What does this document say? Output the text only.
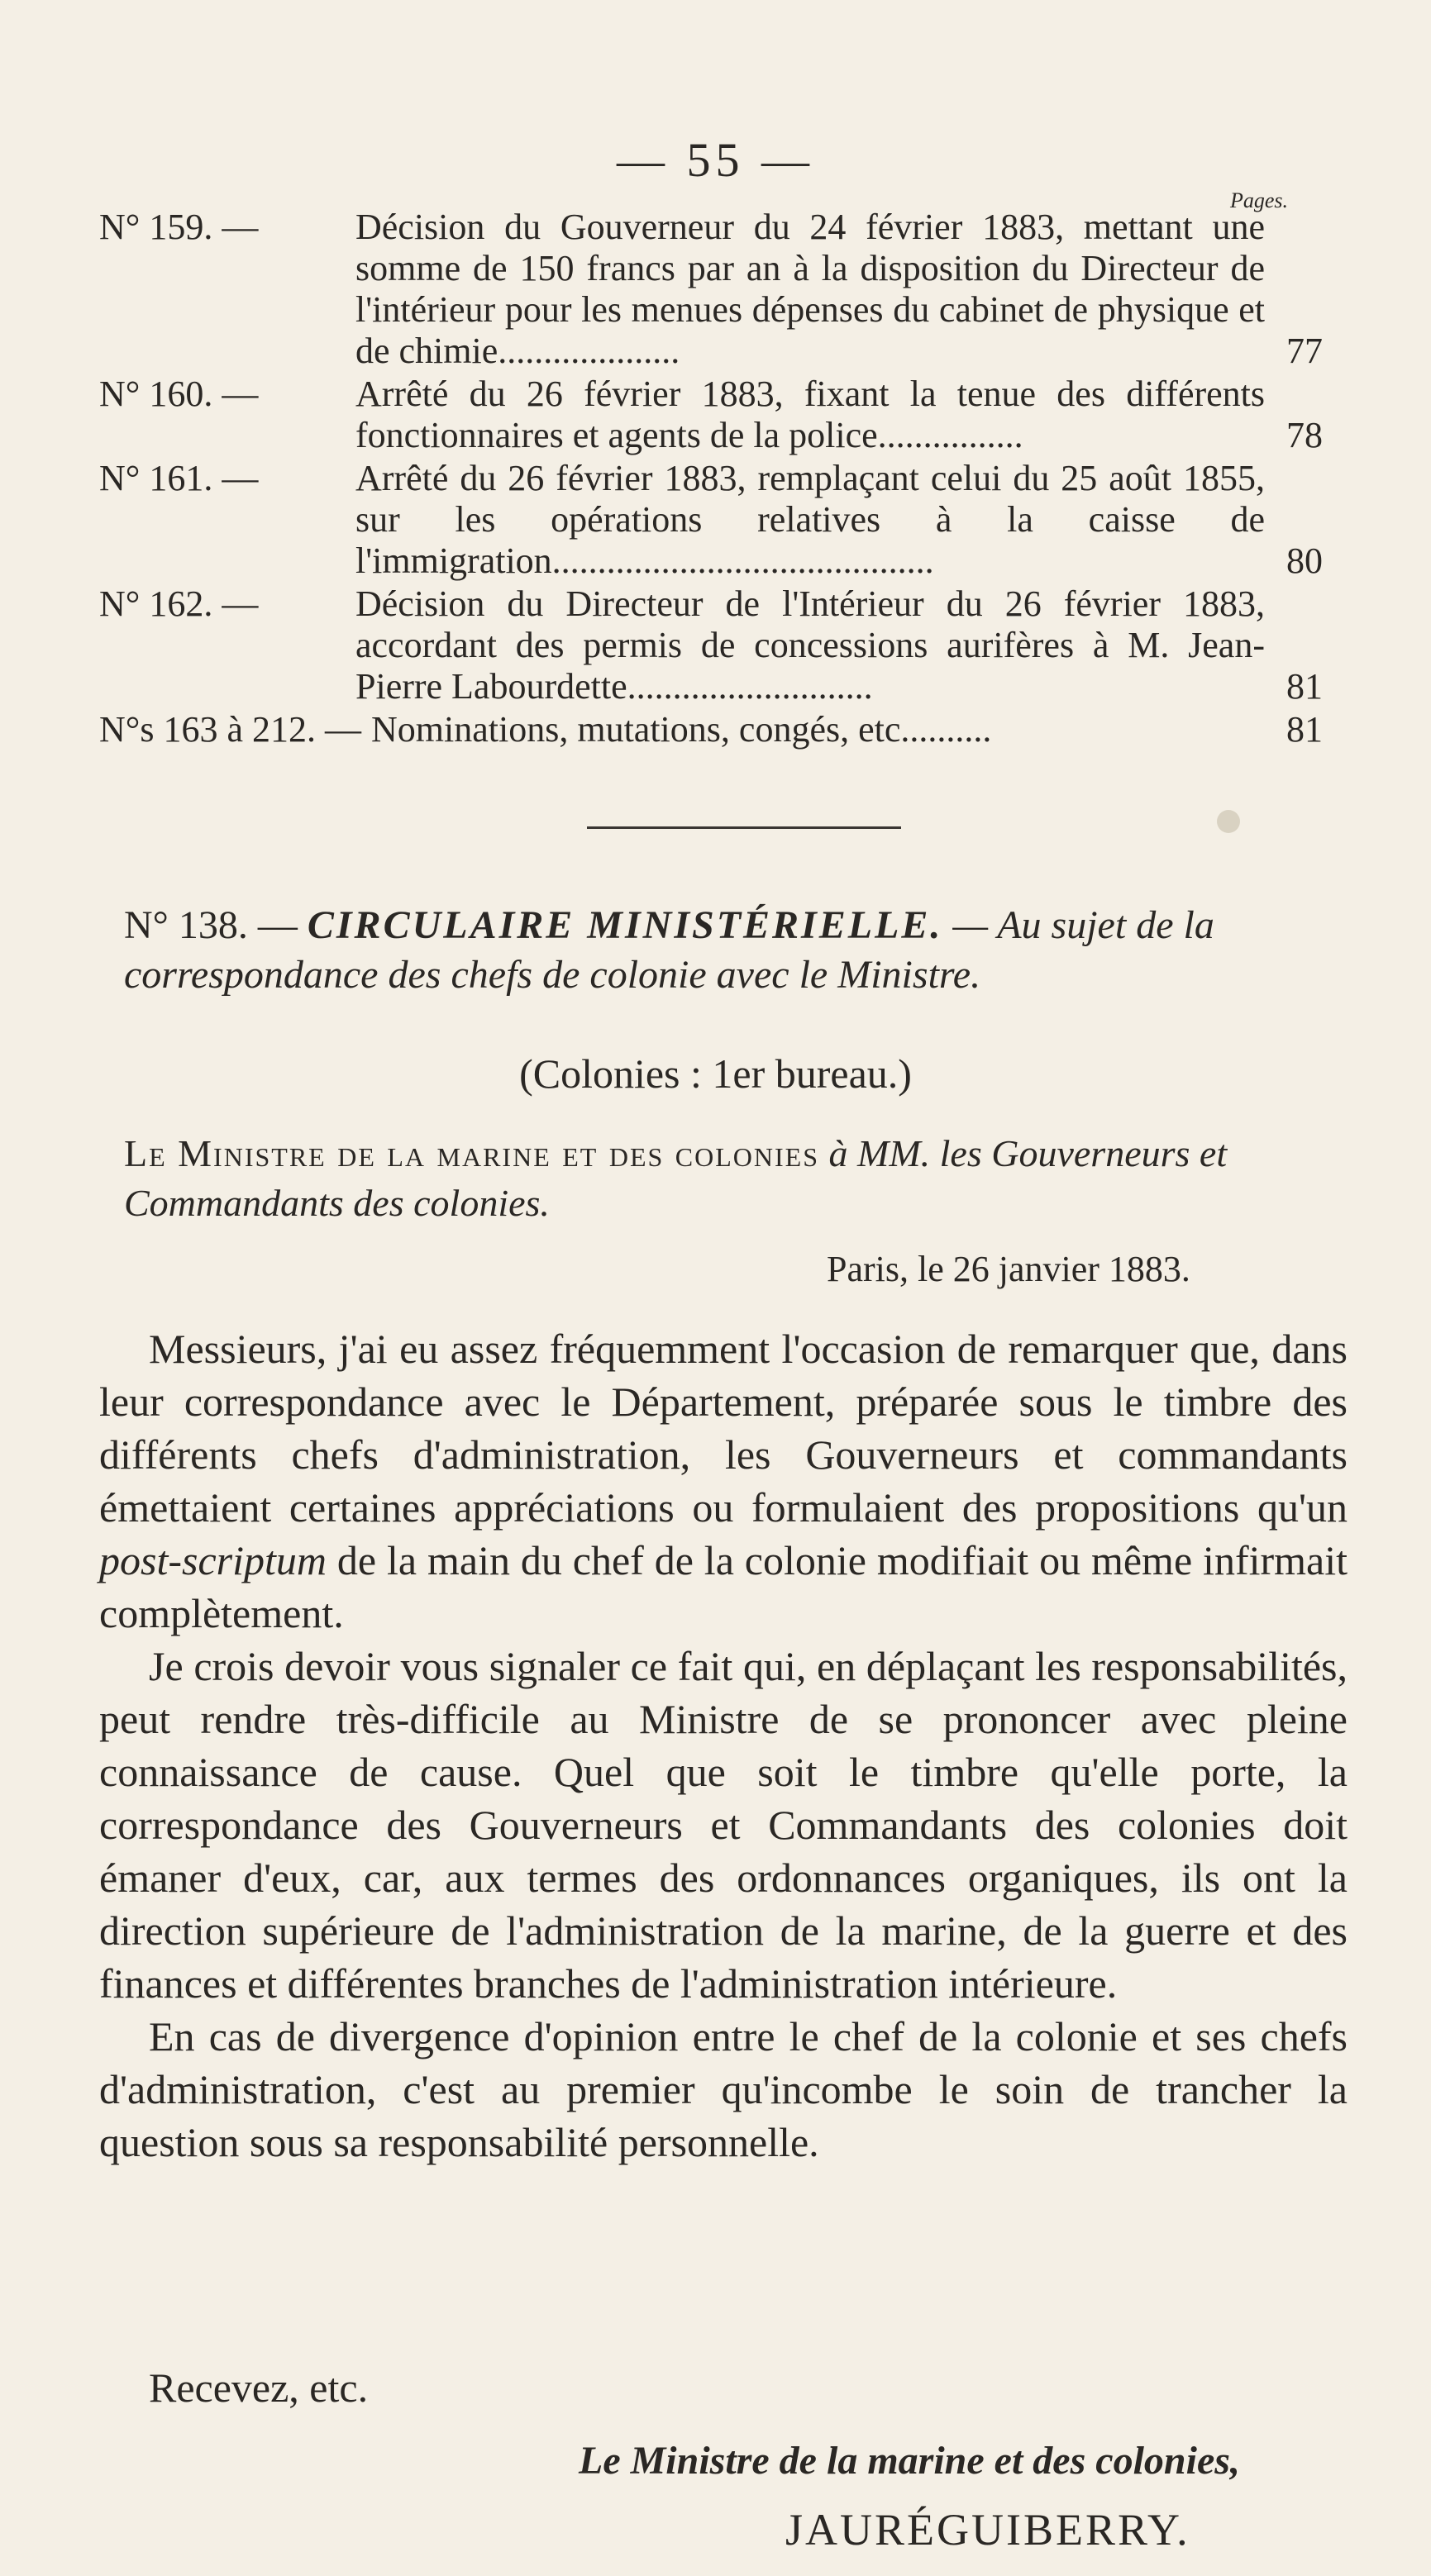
— 55 —
Pages.
N° 159. —	Décision du Gouverneur du 24 février 1883, mettant une somme de 150 francs par an à la disposition du Directeur de l'intérieur pour les menues dépenses du cabinet de physique et de chimie....................	77
N° 160. —	Arrêté du 26 février 1883, fixant la tenue des différents fonctionnaires et agents de la police................	78
N° 161. —	Arrêté du 26 février 1883, remplaçant celui du 25 août 1855, sur les opérations relatives à la caisse de l'immigration..........................................	80
N° 162. —	Décision du Directeur de l'Intérieur du 26 février 1883, accordant des permis de concessions aurifères à M. Jean-Pierre Labourdette...........................	81
N°s 163 à 212. — Nominations, mutations, congés, etc..........	81
N° 138. — CIRCULAIRE MINISTÉRIELLE. — Au sujet de la correspondance des chefs de colonie avec le Ministre.
(Colonies : 1er bureau.)
Le Ministre de la marine et des colonies à MM. les Gouverneurs et Commandants des colonies.
Paris, le 26 janvier 1883.

Messieurs, j'ai eu assez fréquemment l'occasion de remarquer que, dans leur correspondance avec le Département, préparée sous le timbre des différents chefs d'administration, les Gouverneurs et commandants émettaient certaines appréciations ou formulaient des propositions qu'un post-scriptum de la main du chef de la colonie modifiait ou même infirmait complètement.

Je crois devoir vous signaler ce fait qui, en déplaçant les responsabilités, peut rendre très-difficile au Ministre de se prononcer avec pleine connaissance de cause. Quel que soit le timbre qu'elle porte, la correspondance des Gouverneurs et Commandants des colonies doit émaner d'eux, car, aux termes des ordonnances organiques, ils ont la direction supérieure de l'administration de la marine, de la guerre et des finances et différentes branches de l'administration intérieure.

En cas de divergence d'opinion entre le chef de la colonie et ses chefs d'administration, c'est au premier qu'incombe le soin de trancher la question sous sa responsabilité personnelle.

Recevez, etc.
Le Ministre de la marine et des colonies,
JAURÉGUIBERRY.
